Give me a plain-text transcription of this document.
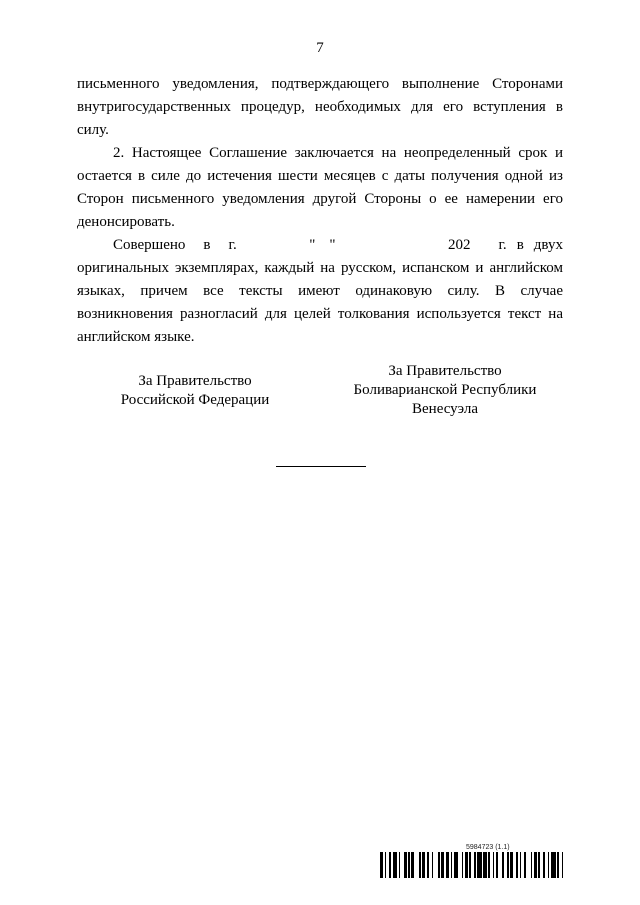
7
письменного уведомления, подтверждающего выполнение Сторонами
внутригосударственных процедур, необходимых для его вступления в
силу.
2. Настоящее Соглашение заключается на неопределенный срок и
остается в силе до истечения шести месяцев с даты получения одной из
Сторон письменного уведомления другой Стороны о ее намерении его
денонсировать.
Совершено в г.	" "	202 г. в двух
оригинальных экземплярах, каждый на русском, испанском и английском
языках, причем все тексты имеют одинаковую силу. В случае
возникновения разногласий для целей толкования используется текст на
английском языке.
За Правительство
Российской Федерации
За Правительство
Боливарианской Республики
Венесуэла
5984723 (1.1)
